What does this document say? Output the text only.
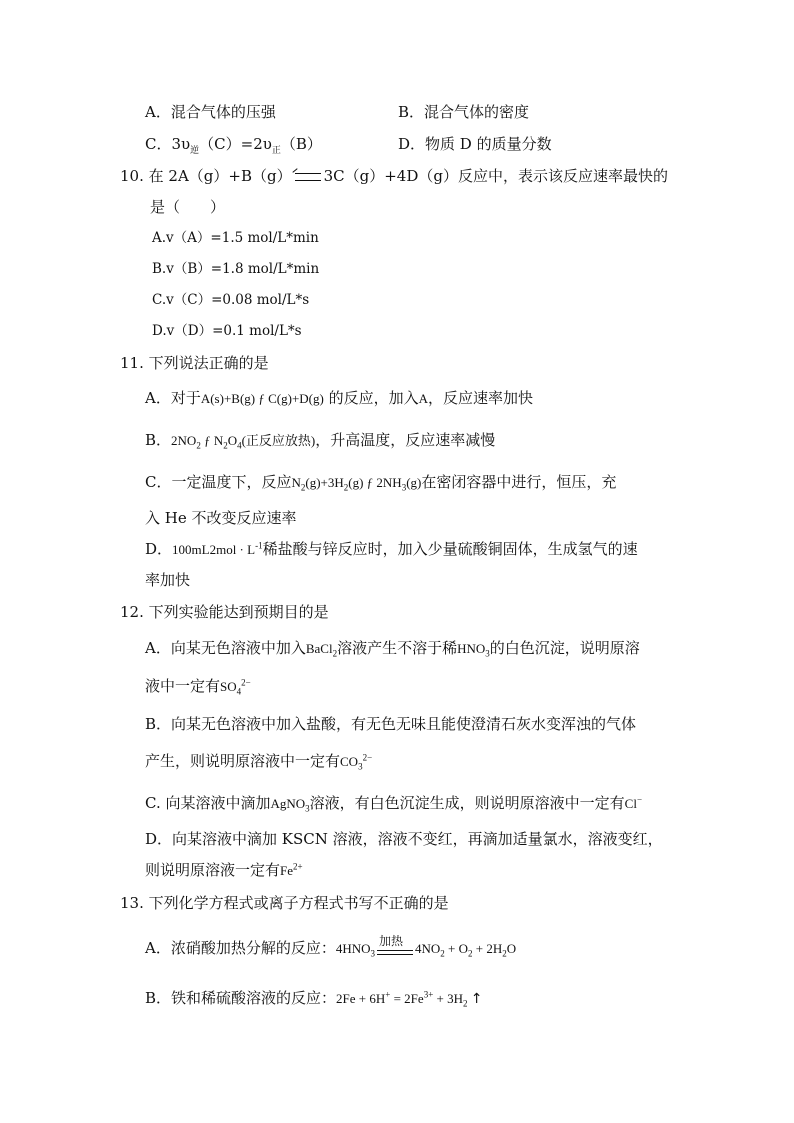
A．混合气体的压强	B．混合气体的密度
C．$3\upsilon_逆(C)=2\upsilon_正(B)$	D．物质 D 的质量分数
10. 在 2A（g）+B（g） 3C（g）+4D（g）反应中，表示该反应速率最快的
是（　　）
A.v（A）=1.5 mol/L*min
B.v（B）=1.8 mol/L*min
C.v（C）=0.08 mol/L*s
D.v（D）=0.1 mol/L*s
11. 下列说法正确的是
A．对于A(s)+B(g) ƒ C(g)+D(g) 的反应，加入A，反应速率加快
B．$2NO_2$ ƒ $N_2O_4$(正反应放热)，升高温度，反应速率减慢
C．一定温度下，反应$N_2(g)+3H_2(g)$ ƒ $2NH_3(g)$在密闭容器中进行，恒压，充
入 He 不改变反应速率
D．$100mL2mol \cdot L^{-1}$稀盐酸与锌反应时，加入少量硫酸铜固体，生成氢气的速
率加快
12. 下列实验能达到预期目的是
A．向某无色溶液中加入BaCl$_2$溶液产生不溶于稀$HNO_3$的白色沉淀，说明原溶
液中一定有$SO_4^{2-}$
B．向某无色溶液中加入盐酸，有无色无味且能使澄清石灰水变浑浊的气体
产生，则说明原溶液中一定有$CO_3^{2-}$
C. 向某溶液中滴加AgNO$_3$溶液，有白色沉淀生成，则说明原溶液中一定有Cl−
D．向某溶液中滴加 KSCN 溶液，溶液不变红，再滴加适量氯水，溶液变红，
则说明原溶液一定有$Fe^{2+}$
13. 下列化学方程式或离子方程式书写不正确的是
A．浓硝酸加热分解的反应：$4HNO_3$
加热 $4NO_2 + O_2 + 2H_2O$
B．铁和稀硫酸溶液的反应：$2Fe + 6H^+ = 2Fe^{3+} + 3H_2$ ↑
